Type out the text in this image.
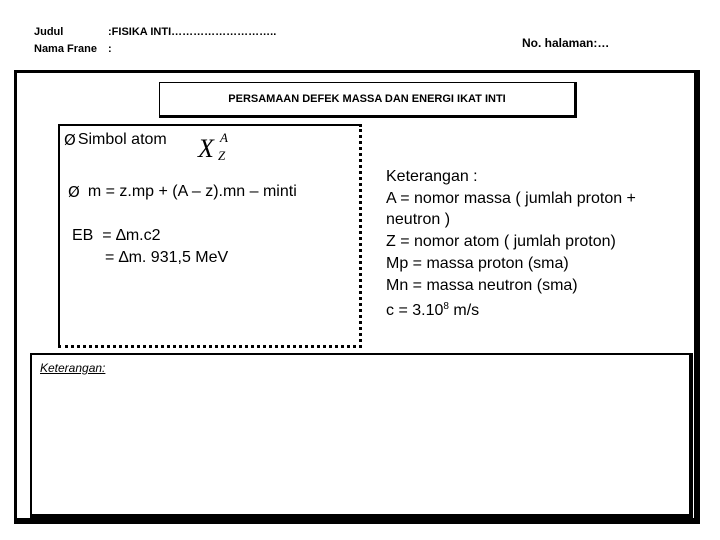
Judul	:FISIKA INTI………………………..
Nama Frane :	No. halaman:…
PERSAMAAN DEFEK MASSA DAN ENERGI IKAT INTI
Ø Simbol atom X A
Z
Ø m = z.mp + (A – z).mn – minti
EB  = ∆m.c2
= ∆m. 931,5 MeV
Keterangan :
A = nomor massa ( jumlah proton +
neutron )
Z = nomor atom ( jumlah proton)
Mp = massa proton (sma)
Mn = massa neutron (sma)
$c = 3.10^8$ m/s
Keterangan:
